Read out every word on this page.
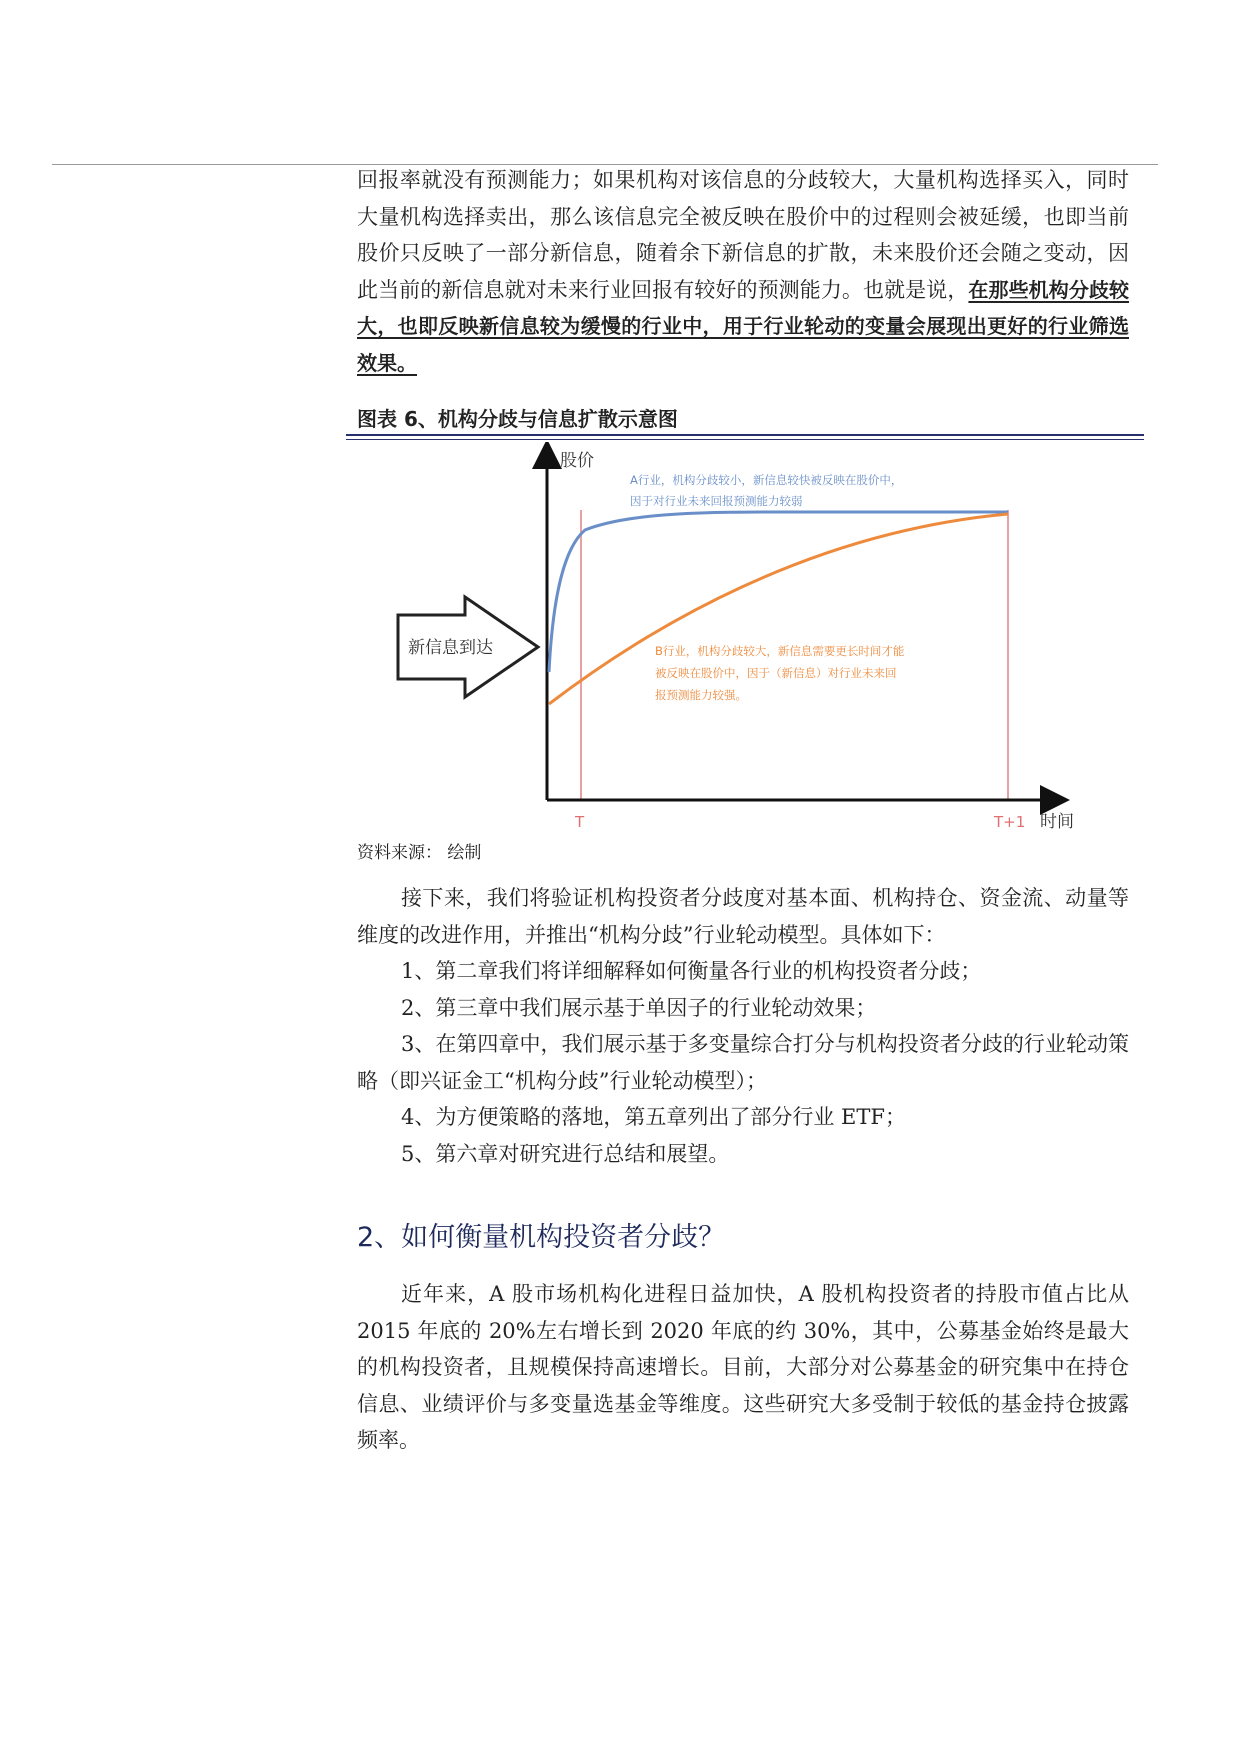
回报率就没有预测能力；如果机构对该信息的分歧较大，大量机构选择买入，同时大量机构选择卖出，那么该信息完全被反映在股价中的过程则会被延缓，也即当前股价只反映了一部分新信息，随着余下新信息的扩散，未来股价还会随之变动，因此当前的新信息就对未来行业回报有较好的预测能力。也就是说，在那些机构分歧较大，也即反映新信息较为缓慢的行业中，用于行业轮动的变量会展现出更好的行业筛选效果。

图表 6、机构分歧与信息扩散示意图
新信息到达
股价
时间
T	T+1
A行业，机构分歧较小，新信息较快被反映在股价中，
因于对行业未来回报预测能力较弱
B行业，机构分歧较大，新信息需要更长时间才能
被反映在股价中，因于（新信息）对行业未来回
报预测能力较强。
资料来源： 绘制

接下来，我们将验证机构投资者分歧度对基本面、机构持仓、资金流、动量等维度的改进作用，并推出“机构分歧”行业轮动模型。具体如下：

1、第二章我们将详细解释如何衡量各行业的机构投资者分歧；

2、第三章中我们展示基于单因子的行业轮动效果；

3、在第四章中，我们展示基于多变量综合打分与机构投资者分歧的行业轮动策略（即兴证金工“机构分歧”行业轮动模型）；

4、为方便策略的落地，第五章列出了部分行业 ETF；

5、第六章对研究进行总结和展望。

2、如何衡量机构投资者分歧？

近年来，A 股市场机构化进程日益加快，A 股机构投资者的持股市值占比从 2015 年底的 20%左右增长到 2020 年底的约 30%，其中，公募基金始终是最大的机构投资者，且规模保持高速增长。目前，大部分对公募基金的研究集中在持仓信息、业绩评价与多变量选基金等维度。这些研究大多受制于较低的基金持仓披露频率。
